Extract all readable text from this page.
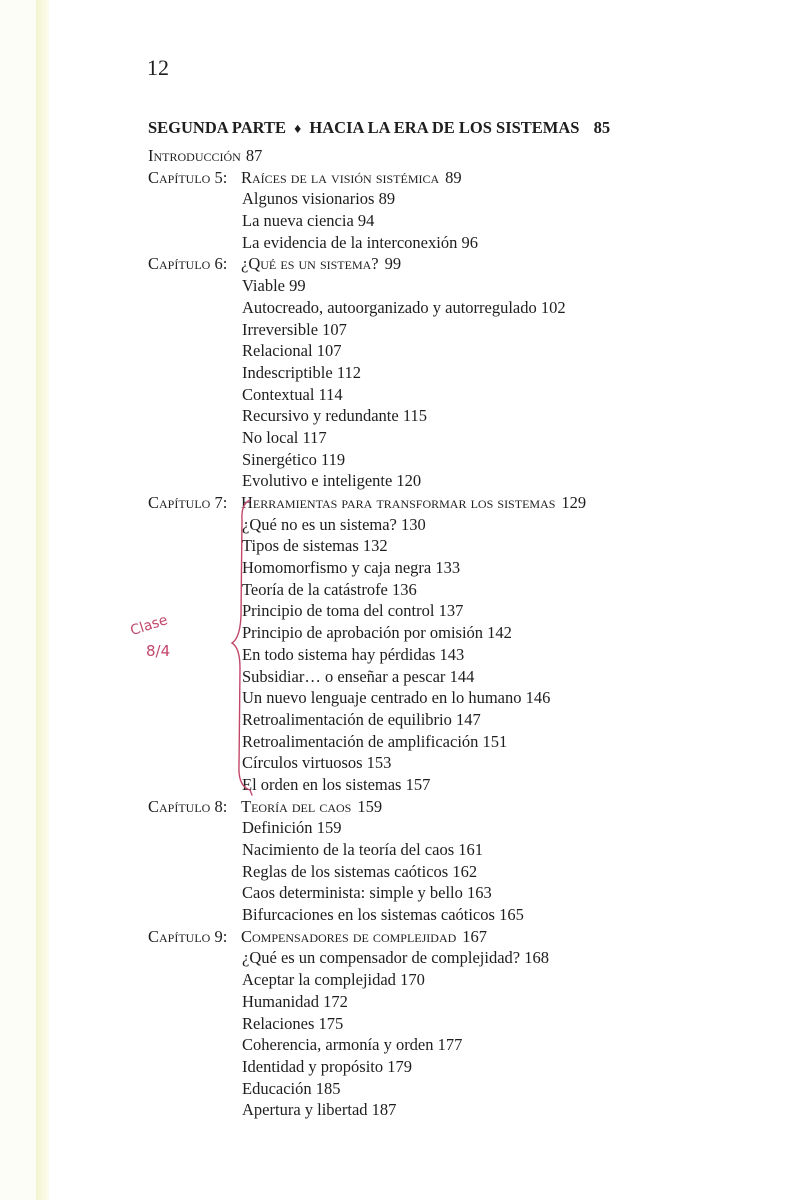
12
SEGUNDA PARTE ♦ HACIA LA ERA DE LOS SISTEMAS 85
Introducción 87
Capítulo 5: Raíces de la visión sistémica 89
Algunos visionarios 89
La nueva ciencia 94
La evidencia de la interconexión 96
Capítulo 6: ¿Qué es un sistema? 99
Viable 99
Autocreado, autoorganizado y autorregulado 102
Irreversible 107
Relacional 107
Indescriptible 112
Contextual 114
Recursivo y redundante 115
No local 117
Sinergético 119
Evolutivo e inteligente 120
Capítulo 7: Herramientas para transformar los sistemas 129
¿Qué no es un sistema? 130
Tipos de sistemas 132
Homomorfismo y caja negra 133
Teoría de la catástrofe 136
Principio de toma del control 137
Principio de aprobación por omisión 142
En todo sistema hay pérdidas 143
Subsidiar… o enseñar a pescar 144
Un nuevo lenguaje centrado en lo humano 146
Retroalimentación de equilibrio 147
Retroalimentación de amplificación 151
Círculos virtuosos 153
El orden en los sistemas 157
Capítulo 8: Teoría del caos 159
Definición 159
Nacimiento de la teoría del caos 161
Reglas de los sistemas caóticos 162
Caos determinista: simple y bello 163
Bifurcaciones en los sistemas caóticos 165
Capítulo 9: Compensadores de complejidad 167
¿Qué es un compensador de complejidad? 168
Aceptar la complejidad 170
Humanidad 172
Relaciones 175
Coherencia, armonía y orden 177
Identidad y propósito 179
Educación 185
Apertura y libertad 187
Clase
8/4
